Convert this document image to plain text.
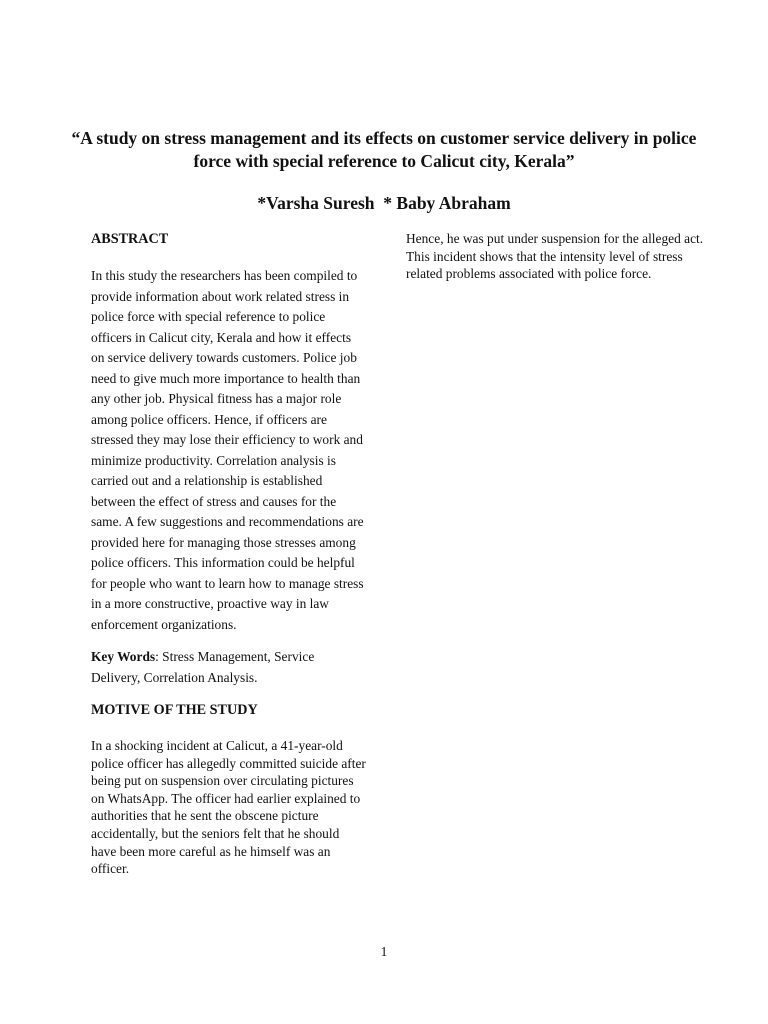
“A study on stress management and its effects on customer service delivery in police force with special reference to Calicut city, Kerala”

*Varsha Suresh  * Baby Abraham

ABSTRACT

In this study the researchers has been compiled to provide information about work related stress in police force with special reference to police officers in Calicut city, Kerala and how it effects on service delivery towards customers. Police job need to give much more importance to health than any other job. Physical fitness has a major role among police officers. Hence, if officers are stressed they may lose their efficiency to work and minimize productivity. Correlation analysis is carried out and a relationship is established between the effect of stress and causes for the same. A few suggestions and recommendations are provided here for managing those stresses among police officers. This information could be helpful for people who want to learn how to manage stress in a more constructive, proactive way in law enforcement organizations.

Key Words: Stress Management, Service Delivery, Correlation Analysis.

MOTIVE OF THE STUDY

In a shocking incident at Calicut, a 41-year-old police officer has allegedly committed suicide after being put on suspension over circulating pictures on WhatsApp. The officer had earlier explained to authorities that he sent the obscene picture accidentally, but the seniors felt that he should have been more careful as he himself was an officer.

Hence, he was put under suspension for the alleged act. This incident shows that the intensity level of stress related problems associated with police force.

1
